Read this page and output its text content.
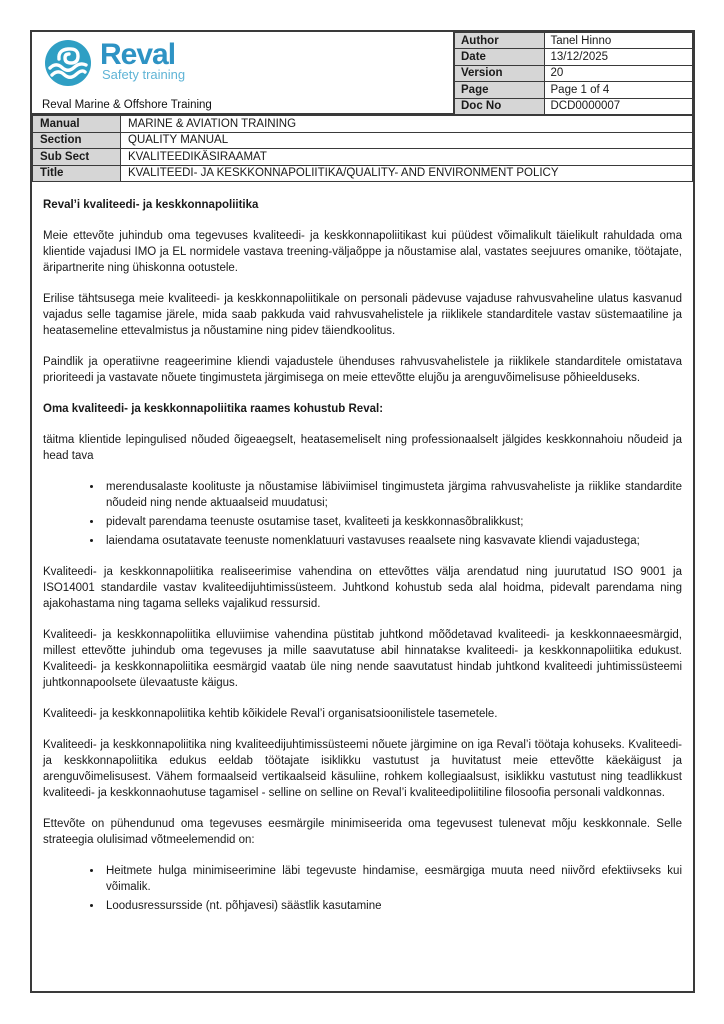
Reval
Safety training
Reval Marine & Offshore Training
Author	Tanel Hinno
Date	13/12/2025
Version	20
Page	Page 1 of 4
Doc No	DCD0000007
Manual	MARINE & AVIATION TRAINING
Section	QUALITY MANUAL
Sub Sect	KVALITEEDIKÄSIRAAMAT
Title	KVALITEEDI- JA KESKKONNAPOLIITIKA/QUALITY- AND ENVIRONMENT POLICY
Reval’i kvaliteedi- ja keskkonnapoliitika

Meie ettevõte juhindub oma tegevuses kvaliteedi- ja keskkonnapoliitikast kui püüdest võimalikult täielikult rahuldada oma klientide vajadusi IMO ja EL normidele vastava treening-väljaõppe ja nõustamise alal, vastates seejuures omanike, töötajate, äripartnerite ning ühiskonna ootustele.

Erilise tähtsusega meie kvaliteedi- ja keskkonnapoliitikale on personali pädevuse vajaduse rahvusvaheline ulatus kasvanud vajadus selle tagamise järele, mida saab pakkuda vaid rahvusvahelistele ja riiklikele standarditele vastav süstemaatiline ja heatasemeline ettevalmistus ja nõustamine ning pidev täiendkoolitus.

Paindlik ja operatiivne reageerimine kliendi vajadustele ühenduses rahvusvahelistele ja riiklikele standarditele omistatava prioriteedi ja vastavate nõuete tingimusteta järgimisega on meie ettevõtte elujõu ja arenguvõimelisuse põhieelduseks.

Oma kvaliteedi- ja keskkonnapoliitika raames kohustub Reval:

täitma klientide lepingulised nõuded õigeaegselt, heatasemeliselt ning professionaalselt jälgides keskkonnahoiu nõudeid ja head tava

• merendusalaste koolituste ja nõustamise läbiviimisel tingimusteta järgima rahvusvaheliste ja riiklike standardite nõudeid ning nende aktuaalseid muudatusi;
• pidevalt parendama teenuste osutamise taset, kvaliteeti ja keskkonnasõbralikkust;
• laiendama osutatavate teenuste nomenklatuuri vastavuses reaalsete ning kasvavate kliendi vajadustega;

Kvaliteedi- ja keskkonnapoliitika realiseerimise vahendina on ettevõttes välja arendatud ning juurutatud ISO 9001 ja ISO14001 standardile vastav kvaliteedijuhtimissüsteem. Juhtkond kohustub seda alal hoidma, pidevalt parendama ning ajakohastama ning tagama selleks vajalikud ressursid.

Kvaliteedi- ja keskkonnapoliitika elluviimise vahendina püstitab juhtkond mõõdetavad kvaliteedi- ja keskkonnaeesmärgid, millest ettevõtte juhindub oma tegevuses ja mille saavutatuse abil hinnatakse kvaliteedi- ja keskkonnapoliitika edukust. Kvaliteedi- ja keskkonnapoliitika eesmärgid vaatab üle ning nende saavutatust hindab juhtkond kvaliteedi juhtimissüsteemi juhtkonnapoolsete ülevaatuste käigus.

Kvaliteedi- ja keskkonnapoliitika kehtib kõikidele Reval’i organisatsioonilistele tasemetele.

Kvaliteedi- ja keskkonnapoliitika ning kvaliteedijuhtimissüsteemi nõuete järgimine on iga Reval’i töötaja kohuseks. Kvaliteedi- ja keskkonnapoliitika edukus eeldab töötajate isiklikku vastutust ja huvitatust meie ettevõtte käekäigust ja arenguvõimelisusest. Vähem formaalseid vertikaalseid käsuliine, rohkem kollegiaalsust, isiklikku vastutust ning teadlikkust kvaliteedi- ja keskkonnaohutuse tagamisel - selline on selline on Reval’i kvaliteedipoliitiline filosoofia personali valdkonnas.

Ettevõte on pühendunud oma tegevuses eesmärgile minimiseerida oma tegevusest tulenevat mõju keskkonnale. Selle strateegia olulisimad võtmeelemendid on:

• Heitmete hulga minimiseerimine läbi tegevuste hindamise, eesmärgiga muuta need niivõrd efektiivseks kui võimalik.
• Loodusressursside (nt. põhjavesi) säästlik kasutamine
